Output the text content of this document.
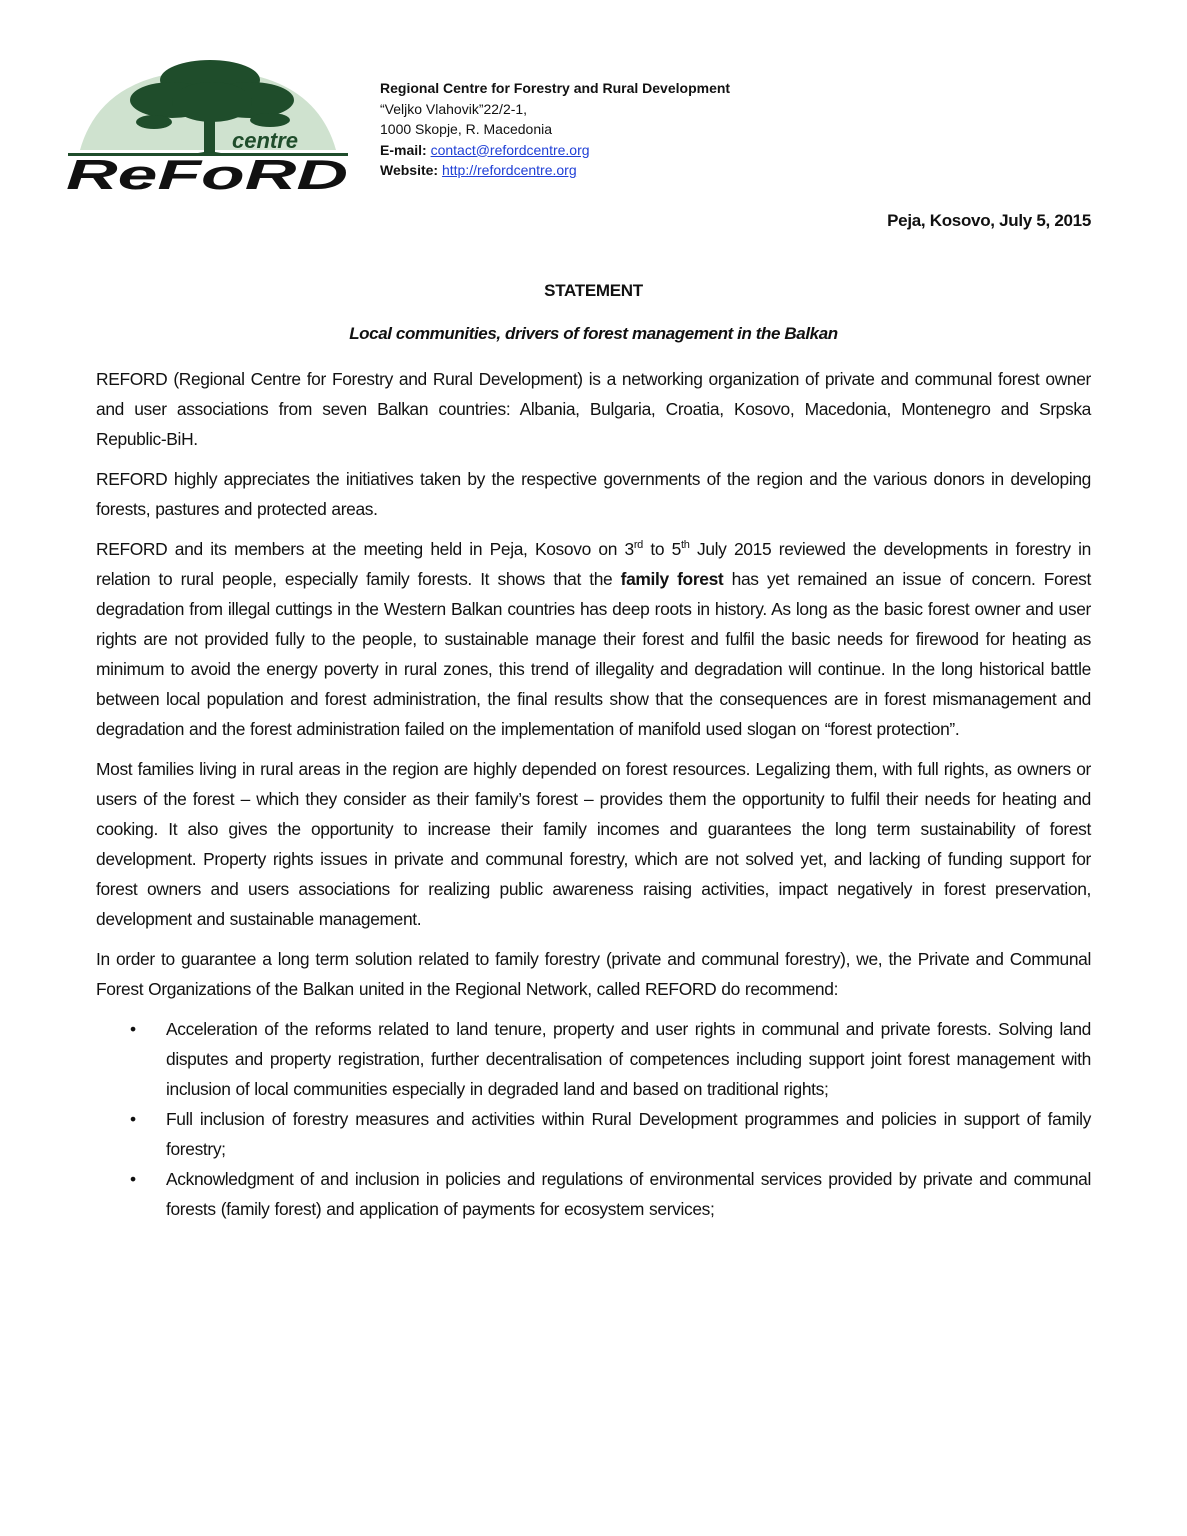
centre
ReFoRD
Regional Centre for Forestry and Rural Development
“Veljko Vlahovik”22/2-1,
1000 Skopje, R. Macedonia
E-mail: contact@refordcentre.org
Website: http://refordcentre.org
Peja, Kosovo, July 5, 2015
STATEMENT
Local communities, drivers of forest management in the Balkan

REFORD (Regional Centre for Forestry and Rural Development) is a networking organization of private and communal forest owner and user associations from seven Balkan countries: Albania, Bulgaria, Croatia, Kosovo, Macedonia, Montenegro and Srpska Republic-BiH.

REFORD highly appreciates the initiatives taken by the respective governments of the region and the various donors in developing forests, pastures and protected areas.

REFORD and its members at the meeting held in Peja, Kosovo on 3rd to 5th July 2015 reviewed the developments in forestry in relation to rural people, especially family forests. It shows that the family forest has yet remained an issue of concern. Forest degradation from illegal cuttings in the Western Balkan countries has deep roots in history. As long as the basic forest owner and user rights are not provided fully to the people, to sustainable manage their forest and fulfil the basic needs for firewood for heating as minimum to avoid the energy poverty in rural zones, this trend of illegality and degradation will continue. In the long historical battle between local population and forest administration, the final results show that the consequences are in forest mismanagement and degradation and the forest administration failed on the implementation of manifold used slogan on “forest protection”.

Most families living in rural areas in the region are highly depended on forest resources. Legalizing them, with full rights, as owners or users of the forest – which they consider as their family’s forest – provides them the opportunity to fulfil their needs for heating and cooking. It also gives the opportunity to increase their family incomes and guarantees the long term sustainability of forest development. Property rights issues in private and communal forestry, which are not solved yet, and lacking of funding support for forest owners and users associations for realizing public awareness raising activities, impact negatively in forest preservation, development and sustainable management.

In order to guarantee a long term solution related to family forestry (private and communal forestry), we, the Private and Communal Forest Organizations of the Balkan united in the Regional Network, called REFORD do recommend:

• Acceleration of the reforms related to land tenure, property and user rights in communal and private forests. Solving land disputes and property registration, further decentralisation of competences including support joint forest management with inclusion of local communities especially in degraded land and based on traditional rights;
• Full inclusion of forestry measures and activities within Rural Development programmes and policies in support of family forestry;
• Acknowledgment of and inclusion in policies and regulations of environmental services provided by private and communal forests (family forest) and application of payments for ecosystem services;
